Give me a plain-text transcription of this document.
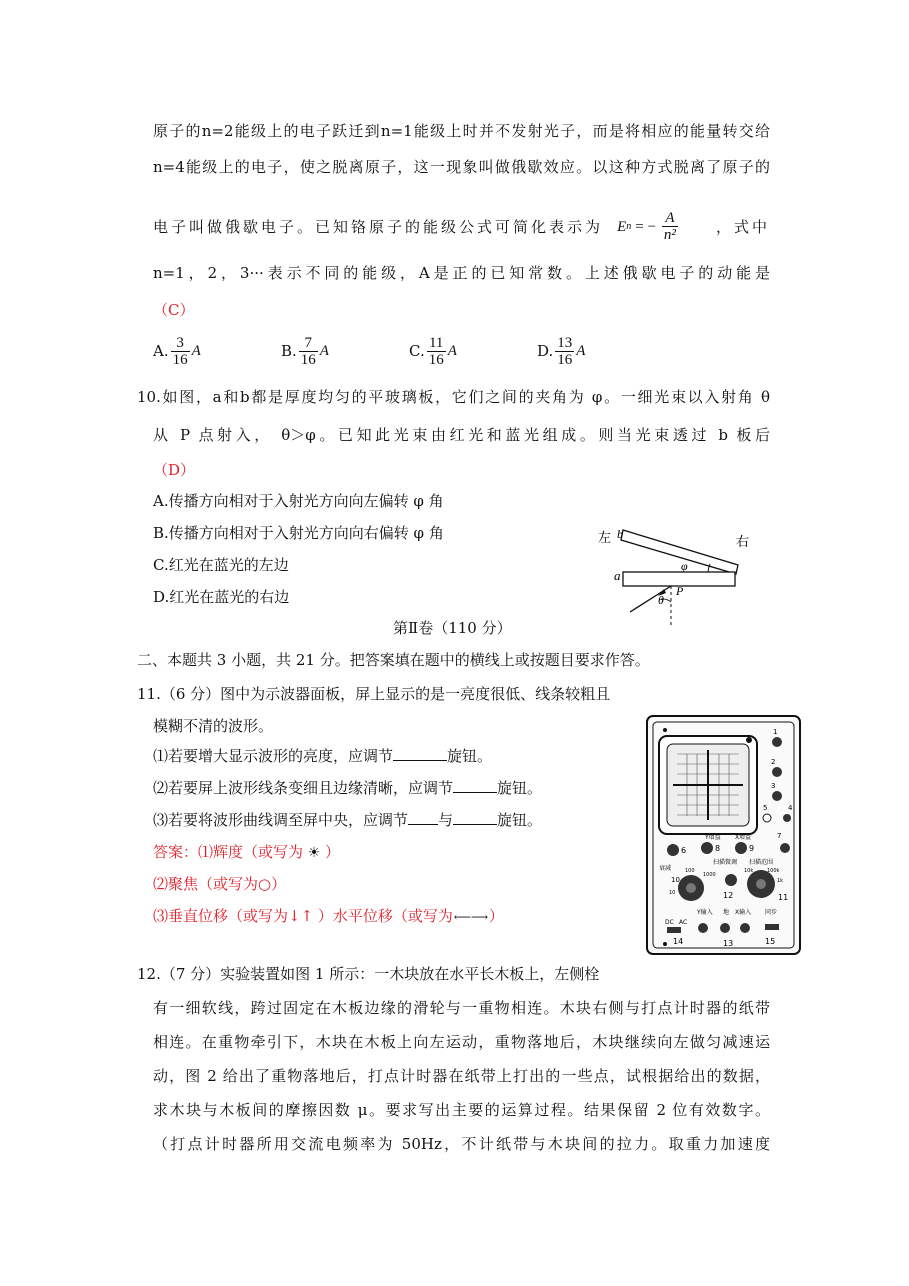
原子的n=2能级上的电子跃迁到n=1能级上时并不发射光子，而是将相应的能量转交给
n=4能级上的电子，使之脱离原子，这一现象叫做俄歇效应。以这种方式脱离了原子的
电子叫做俄歇电子。已知铬原子的能级公式可简化表示为 E n = − $\frac{A}{\text{n²}}$	，式中
n=1，2，3···表示不同的能级，A是正的已知常数。上述俄歇电子的动能是
（C）
A. $\frac{3}{16}$ A	B. $\frac{7}{16}$ A	C. $\frac{11}{16}$ A	D. $\frac{13}{16}$ A
10.如图，a和b都是厚度均匀的平玻璃板，它们之间的夹角为 φ。一细光束以入射角 θ
从 P 点射入， θ＞φ。已知此光束由红光和蓝光组成。则当光束透过 b 板后
（D）
A.传播方向相对于入射光方向向左偏转 φ 角
B.传播方向相对于入射光方向向右偏转 φ 角
C.红光在蓝光的左边
D.红光在蓝光的右边
左 b
右
a
φ
θ
P
第Ⅱ卷（110 分）
二、本题共 3 小题，共 21 分。把答案填在题中的横线上或按题目要求作答。
11.（6 分）图中为示波器面板，屏上显示的是一亮度很低、线条较粗且
模糊不清的波形。
⑴若要增大显示波形的亮度，应调节	旋钮。
⑵若要屏上波形线条变细且边缘清晰，应调节	旋钮。
⑶若要将波形曲线调至屏中央，应调节 与	旋钮。
答案：⑴辉度（或写为 ☀ ）
⑵聚焦（或写为○）
⑶垂直位移（或写为↓↑ ）水平位移（或写为⟵⟶）
1
2
3
5	4
7
Y增益 X增益
6	8	9
衰减
扫描微调 扫描范围
10
100
1000
12	11
10k	100k
1k
10
Y输入 地 X输入 同步
DC AC
14	13	15
12.（7 分）实验装置如图 1 所示：一木块放在水平长木板上，左侧栓
有一细软线，跨过固定在木板边缘的滑轮与一重物相连。木块右侧与打点计时器的纸带
相连。在重物牵引下，木块在木板上向左运动，重物落地后，木块继续向左做匀减速运
动，图 2 给出了重物落地后，打点计时器在纸带上打出的一些点，试根据给出的数据，
求木块与木板间的摩擦因数 μ。要求写出主要的运算过程。结果保留 2 位有效数字。
（打点计时器所用交流电频率为 50Hz，不计纸带与木块间的拉力。取重力加速度
